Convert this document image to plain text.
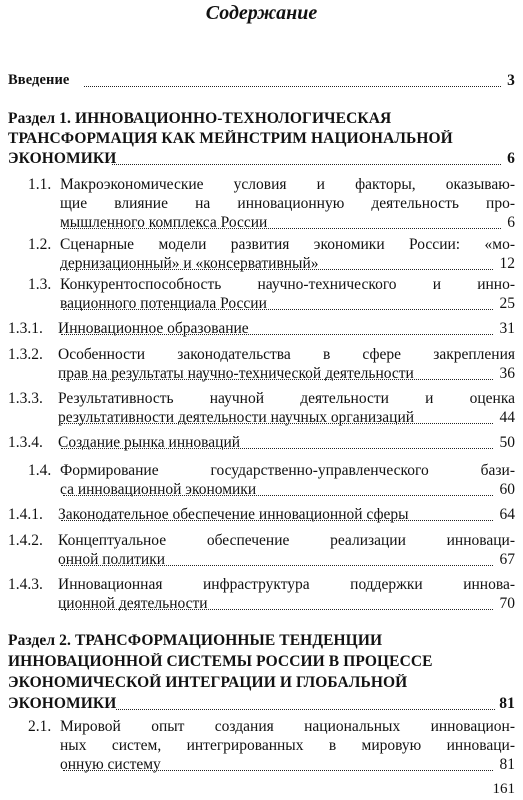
Содержание
Введение	3
Раздел 1. ИННОВАЦИОННО-ТЕХНОЛОГИЧЕСКАЯ
ТРАНСФОРМАЦИЯ КАК МЕЙНСТРИМ НАЦИОНАЛЬНОЙ
ЭКОНОМИКИ	6
1.1. Макроэкономические условия и факторы, оказываю-
щие влияние на инновационную деятельность про-
мышленного комплекса России	6
1.2. Сценарные модели развития экономики России: «мо-
дернизационный» и «консервативный»	12
1.3. Конкурентоспособность научно-технического и инно-
вационного потенциала России	25
1.3.1. Инновационное образование	31
1.3.2. Особенности законодательства в сфере закрепления
прав на результаты научно-технической деятельности	36
1.3.3. Результативность научной деятельности и оценка
результативности деятельности научных организаций	44
1.3.4. Создание рынка инноваций	50
1.4. Формирование государственно-управленческого бази-
са инновационной экономики	60
1.4.1. Законодательное обеспечение инновационной сферы	64
1.4.2. Концептуальное обеспечение реализации инноваци-
онной политики	67
1.4.3. Инновационная инфраструктура поддержки иннова-
ционной деятельности	70
Раздел 2. ТРАНСФОРМАЦИОННЫЕ ТЕНДЕНЦИИ
ИННОВАЦИОННОЙ СИСТЕМЫ РОССИИ В ПРОЦЕССЕ
ЭКОНОМИЧЕСКОЙ ИНТЕГРАЦИИ И ГЛОБАЛЬНОЙ
ЭКОНОМИКИ	81
2.1. Мировой опыт создания национальных инновацион-
ных систем, интегрированных в мировую инноваци-
онную систему	81
161
